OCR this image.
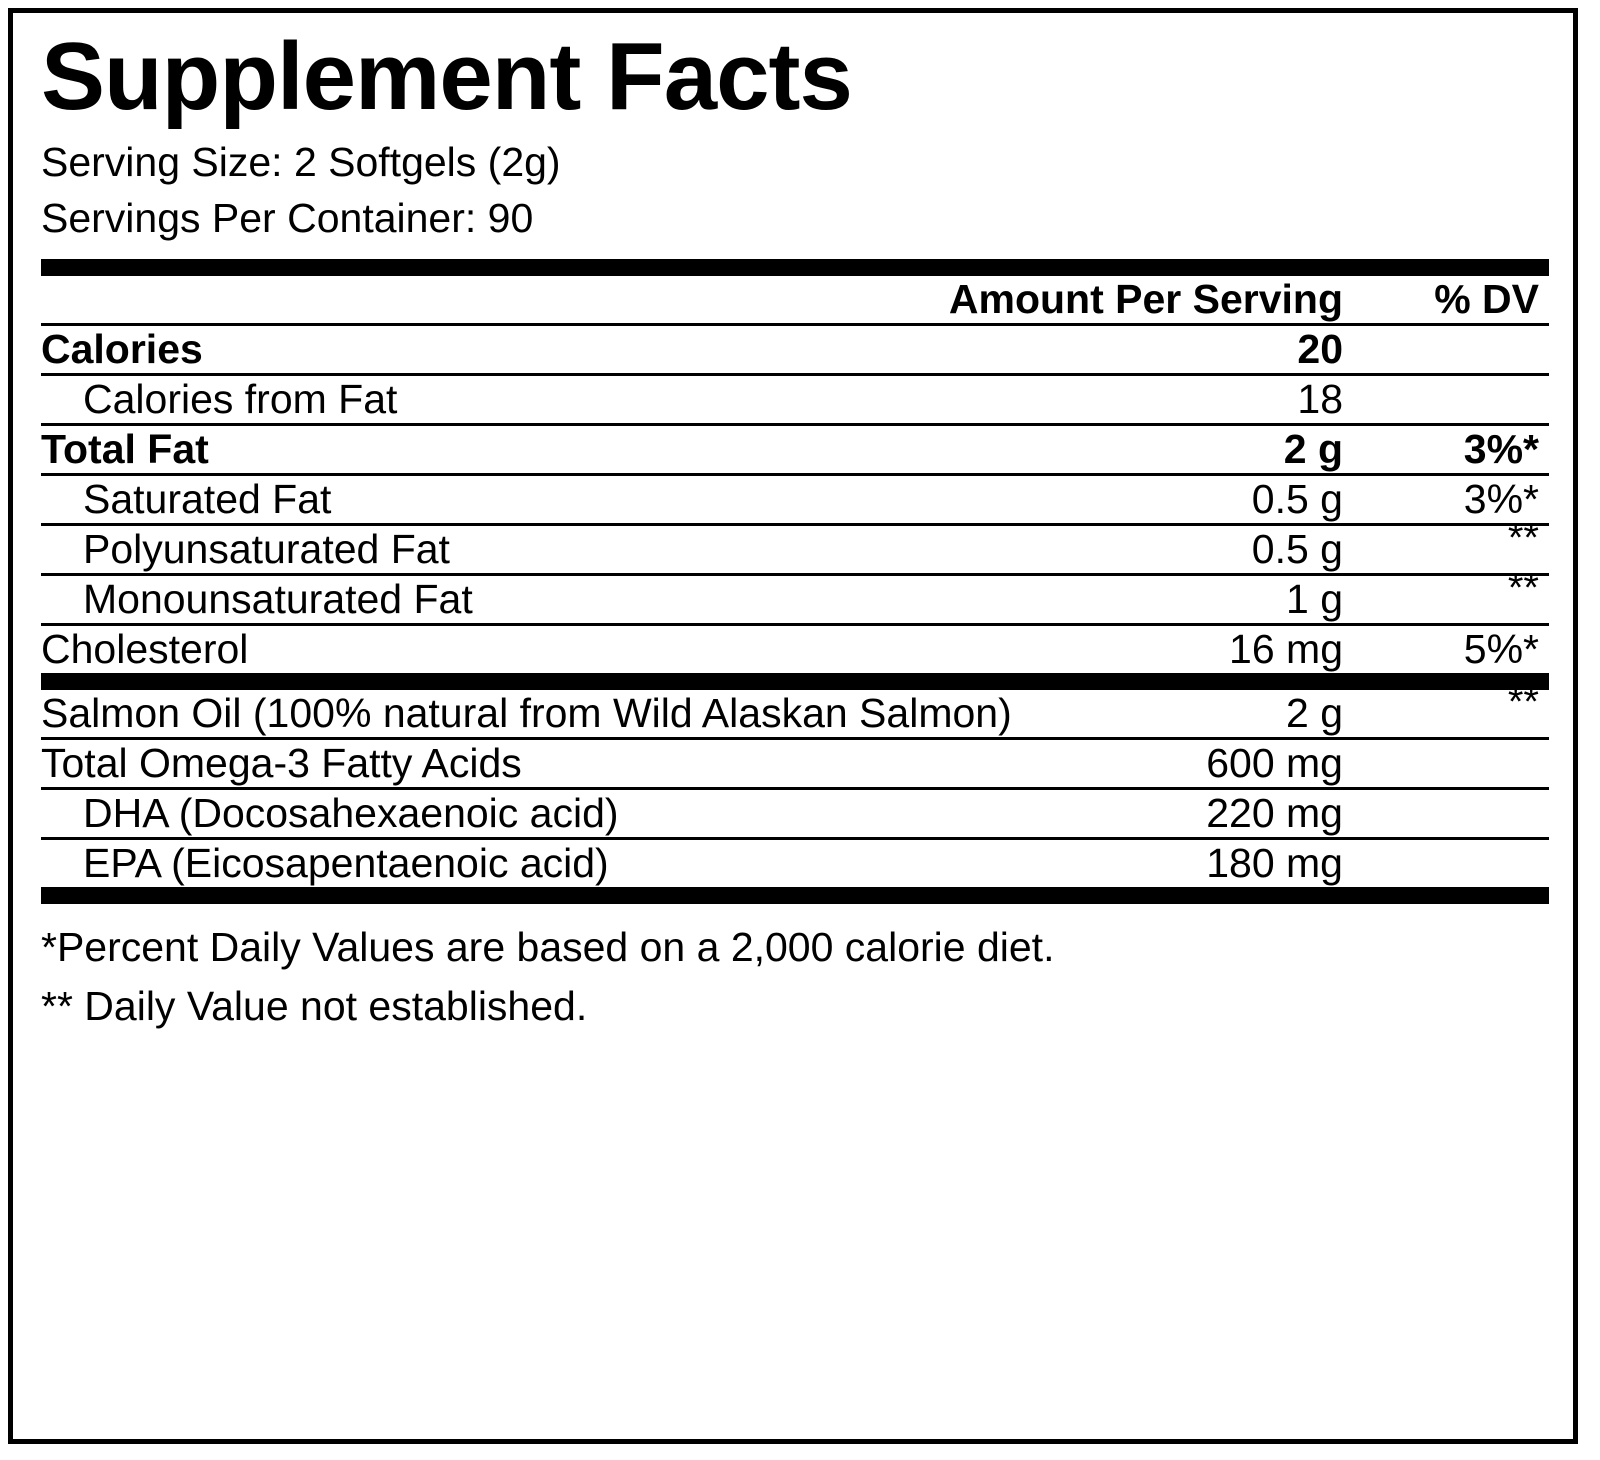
Supplement Facts
Serving Size: 2 Softgels (2g)
Servings Per Container: 90
	Amount Per Serving	% DV
Calories	20	
Calories from Fat	18	
Total Fat	2 g	3%*
Saturated Fat	0.5 g	3%*
Polyunsaturated Fat	0.5 g	**
Monounsaturated Fat	1 g	**
Cholesterol	16 mg	5%*
Salmon Oil (100% natural from Wild Alaskan Salmon)	2 g	**
Total Omega-3 Fatty Acids	600 mg	
DHA (Docosahexaenoic acid)	220 mg	
EPA (Eicosapentaenoic acid)	180 mg	
*Percent Daily Values are based on a 2,000 calorie diet.
** Daily Value not established.
